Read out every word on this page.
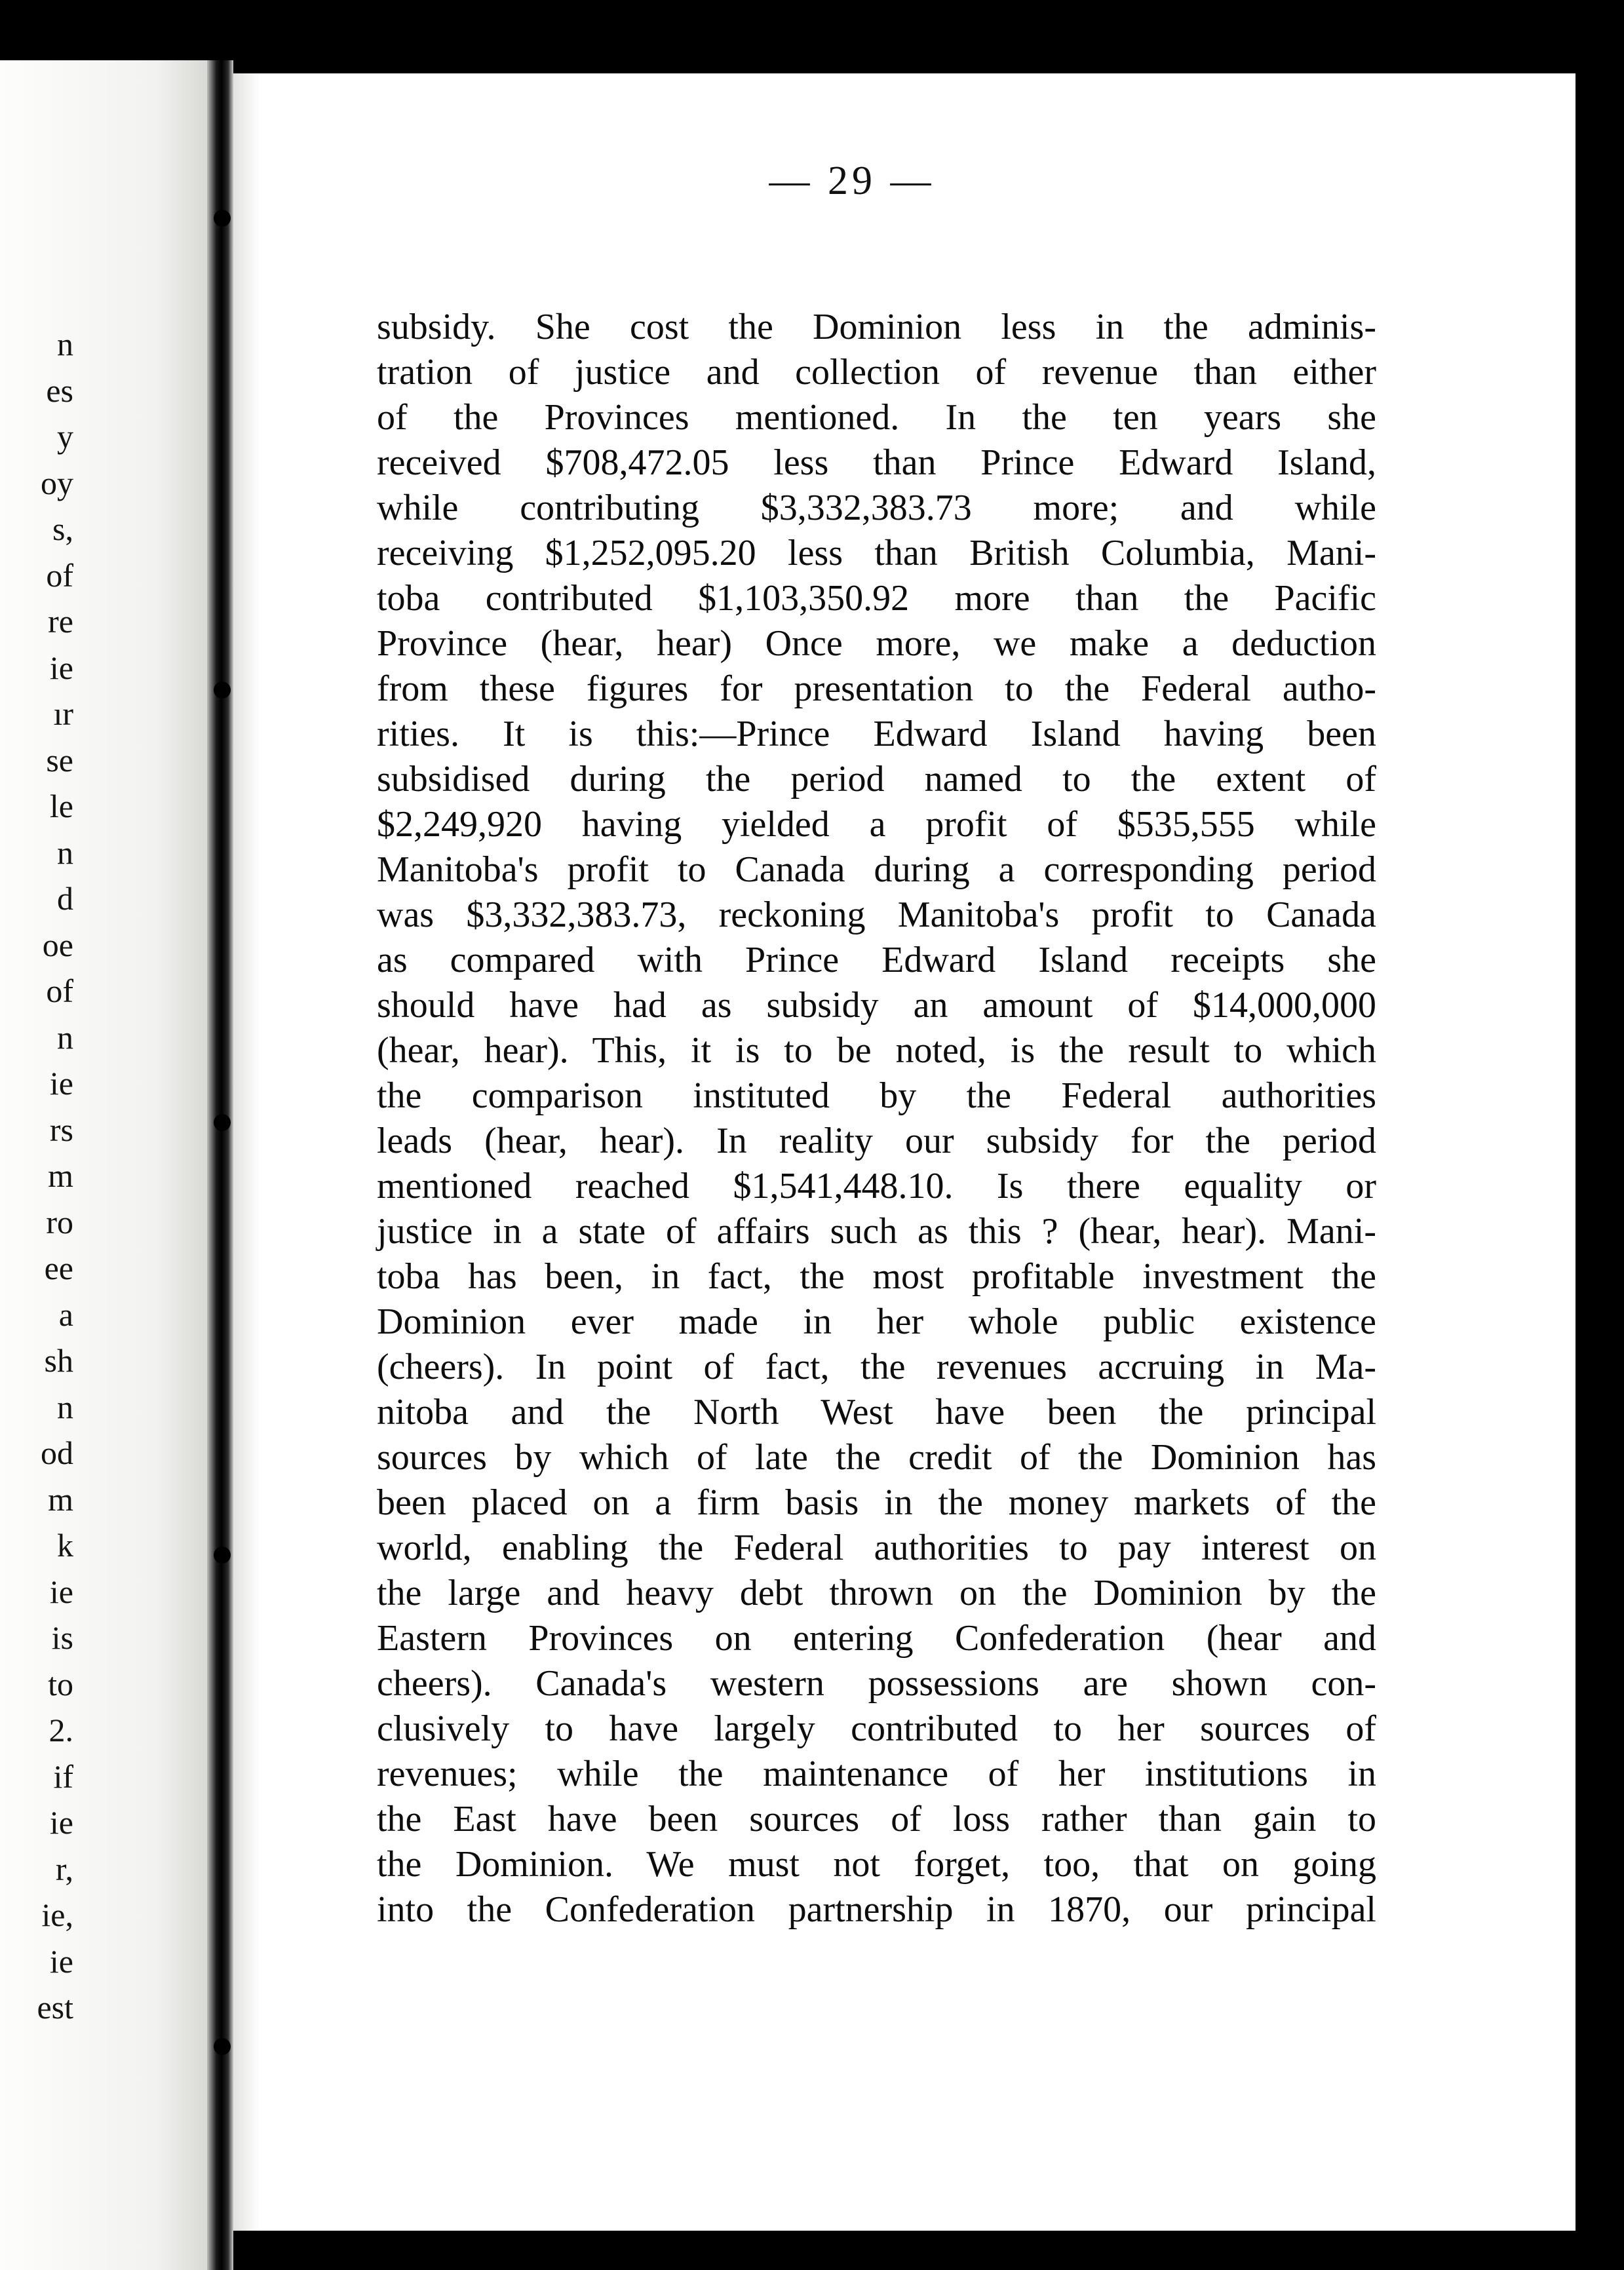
n
es
y
oy
s,
of
re
ie
ır
se
le
n
d
oe
of
n
ie
rs
m
ro
ee
a
sh
n
od
m
k
ie
is
to
2.
if
ie
r,
ie,
ie
est
— 29 —
subsidy. She cost the Dominion less in the adminis-
tration of justice and collection of revenue than either
of the Provinces mentioned. In the ten years she
received $708,472.05 less than Prince Edward Island,
while contributing $3,332,383.73 more; and while
receiving $1,252,095.20 less than British Columbia, Mani-
toba contributed $1,103,350.92 more than the Pacific
Province (hear, hear) Once more, we make a deduction
from these figures for presentation to the Federal autho-
rities. It is this:—Prince Edward Island having been
subsidised during the period named to the extent of
$2,249,920 having yielded a profit of $535,555 while
Manitoba's profit to Canada during a corresponding period
was $3,332,383.73, reckoning Manitoba's profit to Canada
as compared with Prince Edward Island receipts she
should have had as subsidy an amount of $14,000,000
(hear, hear). This, it is to be noted, is the result to which
the comparison instituted by the Federal authorities
leads (hear, hear). In reality our subsidy for the period
mentioned reached $1,541,448.10. Is there equality or
justice in a state of affairs such as this ? (hear, hear). Mani-
toba has been, in fact, the most profitable investment the
Dominion ever made in her whole public existence
(cheers). In point of fact, the revenues accruing in Ma-
nitoba and the North West have been the principal
sources by which of late the credit of the Dominion has
been placed on a firm basis in the money markets of the
world, enabling the Federal authorities to pay interest on
the large and heavy debt thrown on the Dominion by the
Eastern Provinces on entering Confederation (hear and
cheers). Canada's western possessions are shown con-
clusively to have largely contributed to her sources of
revenues; while the maintenance of her institutions in
the East have been sources of loss rather than gain to
the Dominion. We must not forget, too, that on going
into the Confederation partnership in 1870, our principal
